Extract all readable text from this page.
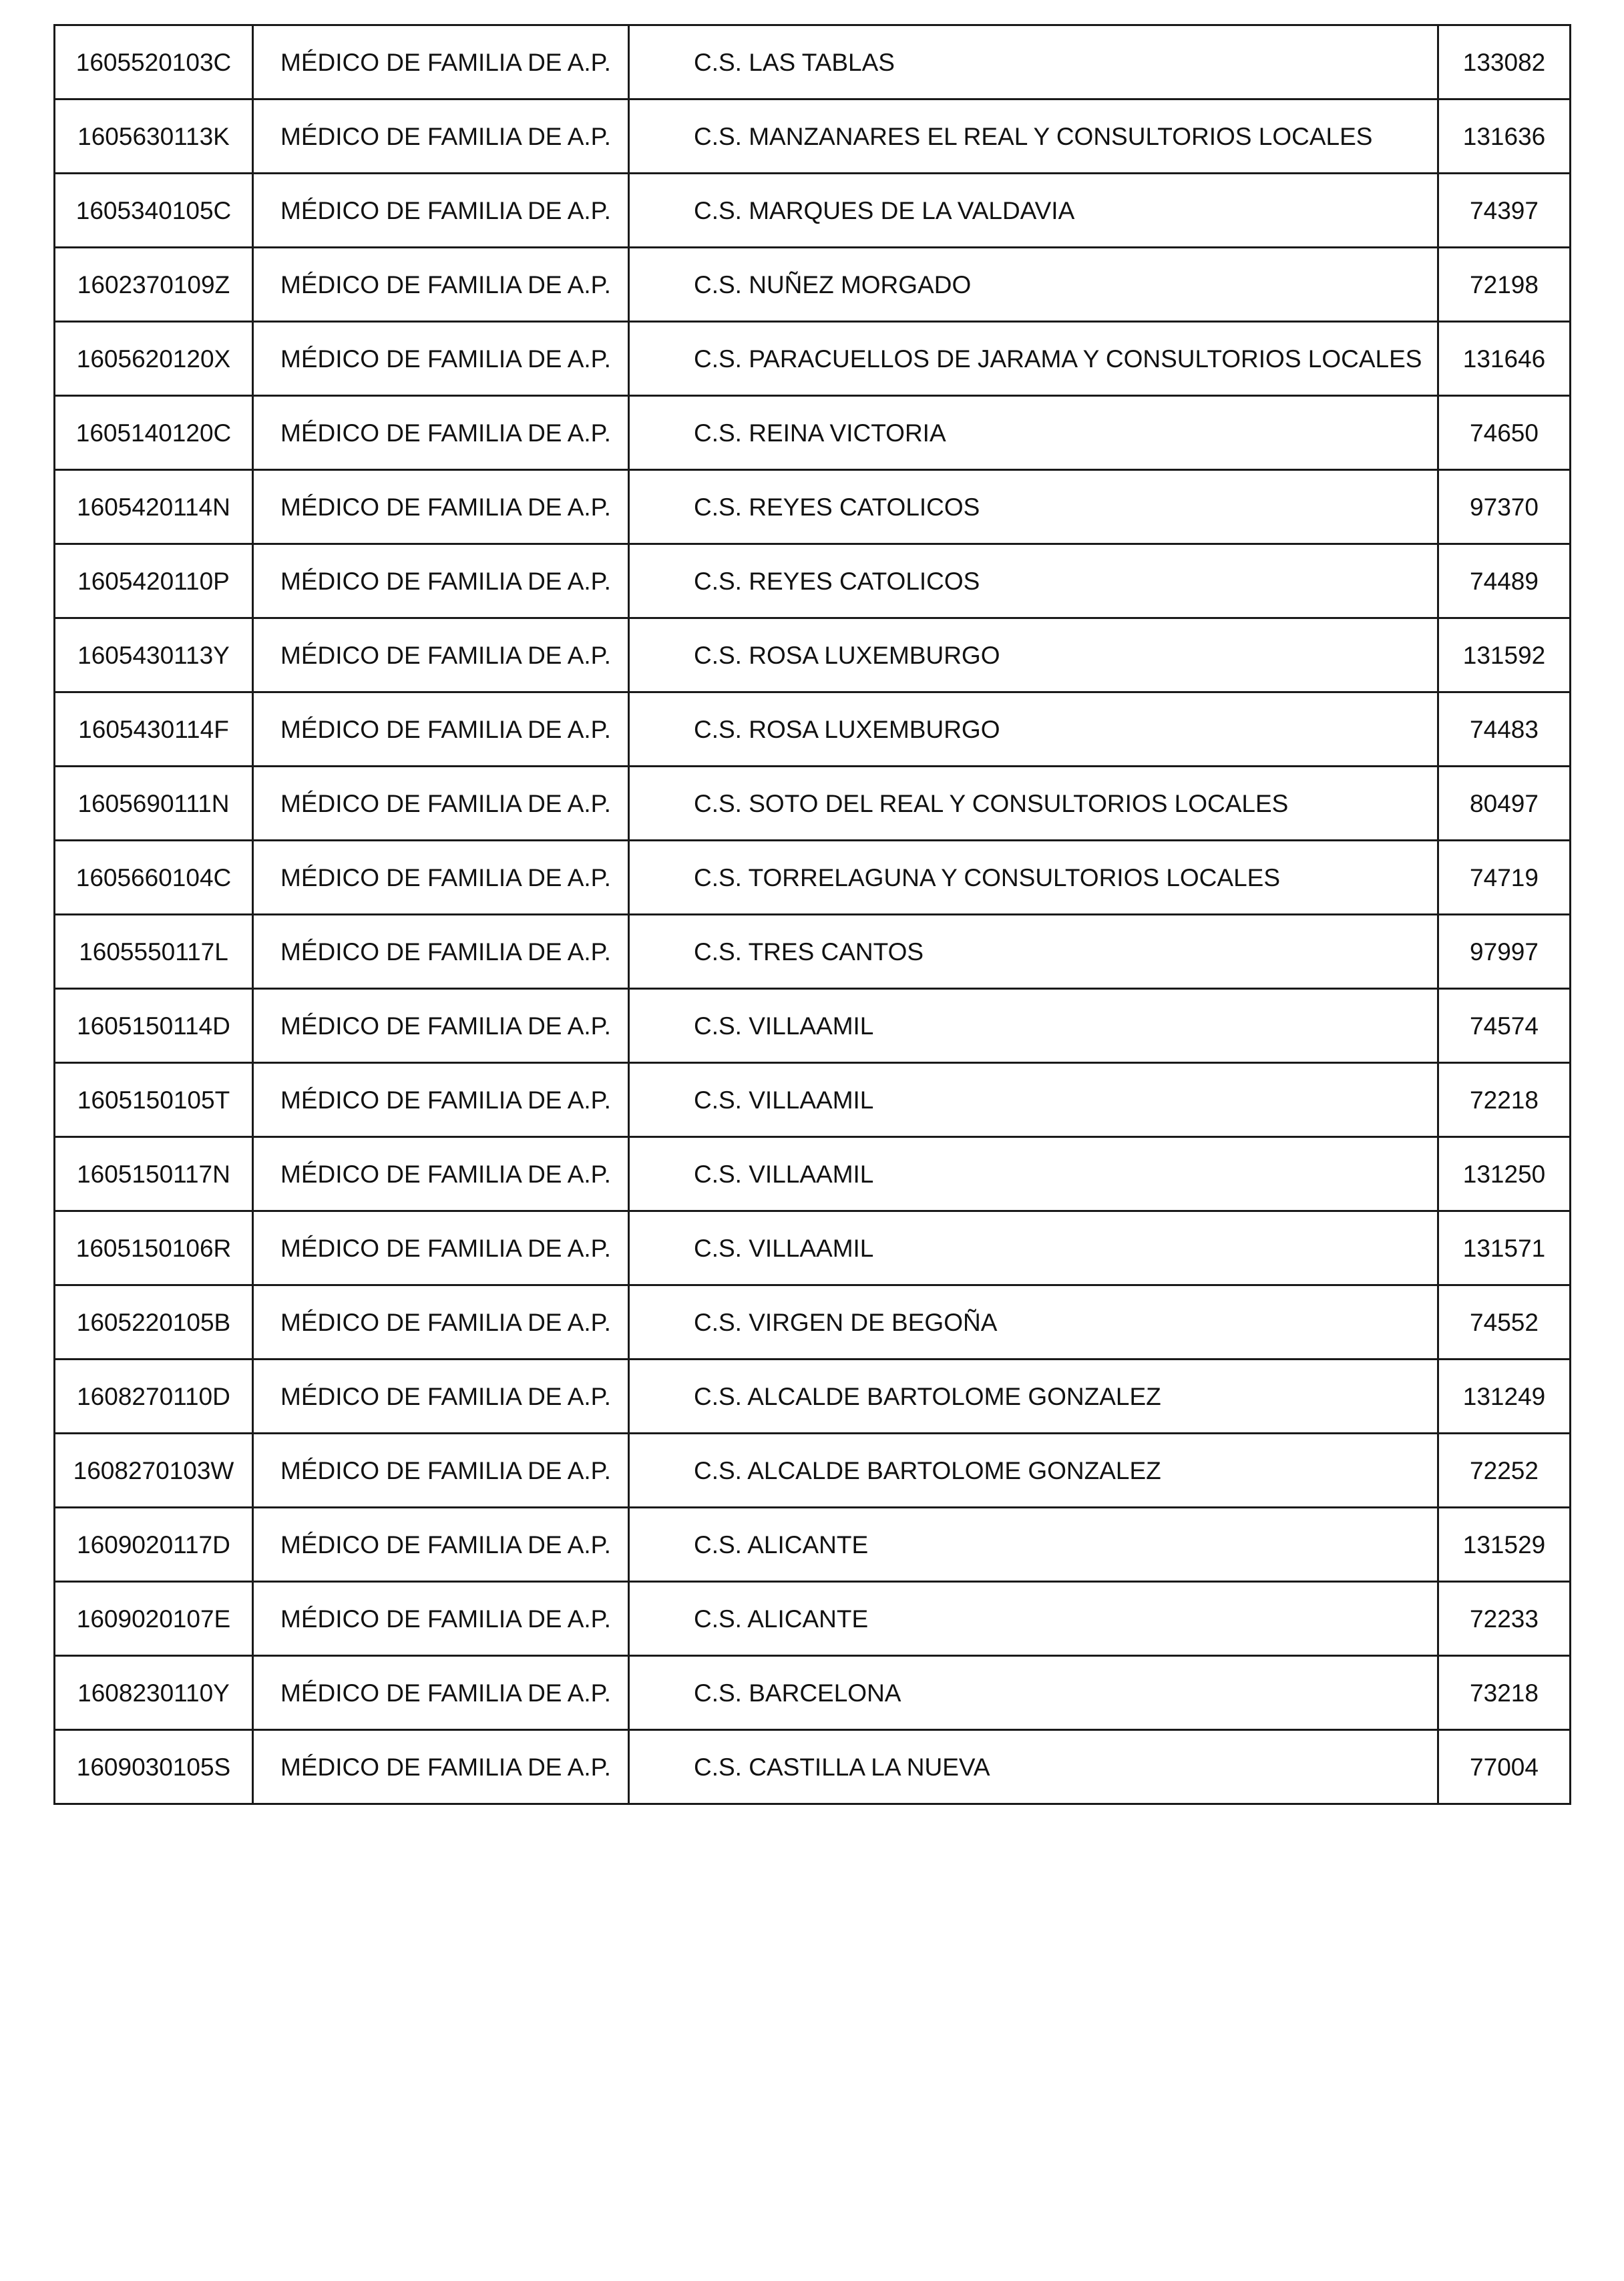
1605520103C	MÉDICO DE FAMILIA DE A.P.	C.S. LAS TABLAS	133082
1605630113K	MÉDICO DE FAMILIA DE A.P.	C.S. MANZANARES EL REAL Y CONSULTORIOS LOCALES	131636
1605340105C	MÉDICO DE FAMILIA DE A.P.	C.S. MARQUES DE LA VALDAVIA	74397
1602370109Z	MÉDICO DE FAMILIA DE A.P.	C.S. NUÑEZ MORGADO	72198
1605620120X	MÉDICO DE FAMILIA DE A.P.	C.S. PARACUELLOS DE JARAMA Y CONSULTORIOS LOCALES	131646
1605140120C	MÉDICO DE FAMILIA DE A.P.	C.S. REINA VICTORIA	74650
1605420114N	MÉDICO DE FAMILIA DE A.P.	C.S. REYES CATOLICOS	97370
1605420110P	MÉDICO DE FAMILIA DE A.P.	C.S. REYES CATOLICOS	74489
1605430113Y	MÉDICO DE FAMILIA DE A.P.	C.S. ROSA LUXEMBURGO	131592
1605430114F	MÉDICO DE FAMILIA DE A.P.	C.S. ROSA LUXEMBURGO	74483
1605690111N	MÉDICO DE FAMILIA DE A.P.	C.S. SOTO DEL REAL Y CONSULTORIOS LOCALES	80497
1605660104C	MÉDICO DE FAMILIA DE A.P.	C.S. TORRELAGUNA Y CONSULTORIOS LOCALES	74719
1605550117L	MÉDICO DE FAMILIA DE A.P.	C.S. TRES CANTOS	97997
1605150114D	MÉDICO DE FAMILIA DE A.P.	C.S. VILLAAMIL	74574
1605150105T	MÉDICO DE FAMILIA DE A.P.	C.S. VILLAAMIL	72218
1605150117N	MÉDICO DE FAMILIA DE A.P.	C.S. VILLAAMIL	131250
1605150106R	MÉDICO DE FAMILIA DE A.P.	C.S. VILLAAMIL	131571
1605220105B	MÉDICO DE FAMILIA DE A.P.	C.S. VIRGEN DE BEGOÑA	74552
1608270110D	MÉDICO DE FAMILIA DE A.P.	C.S. ALCALDE BARTOLOME GONZALEZ	131249
1608270103W	MÉDICO DE FAMILIA DE A.P.	C.S. ALCALDE BARTOLOME GONZALEZ	72252
1609020117D	MÉDICO DE FAMILIA DE A.P.	C.S. ALICANTE	131529
1609020107E	MÉDICO DE FAMILIA DE A.P.	C.S. ALICANTE	72233
1608230110Y	MÉDICO DE FAMILIA DE A.P.	C.S. BARCELONA	73218
1609030105S	MÉDICO DE FAMILIA DE A.P.	C.S. CASTILLA LA NUEVA	77004
